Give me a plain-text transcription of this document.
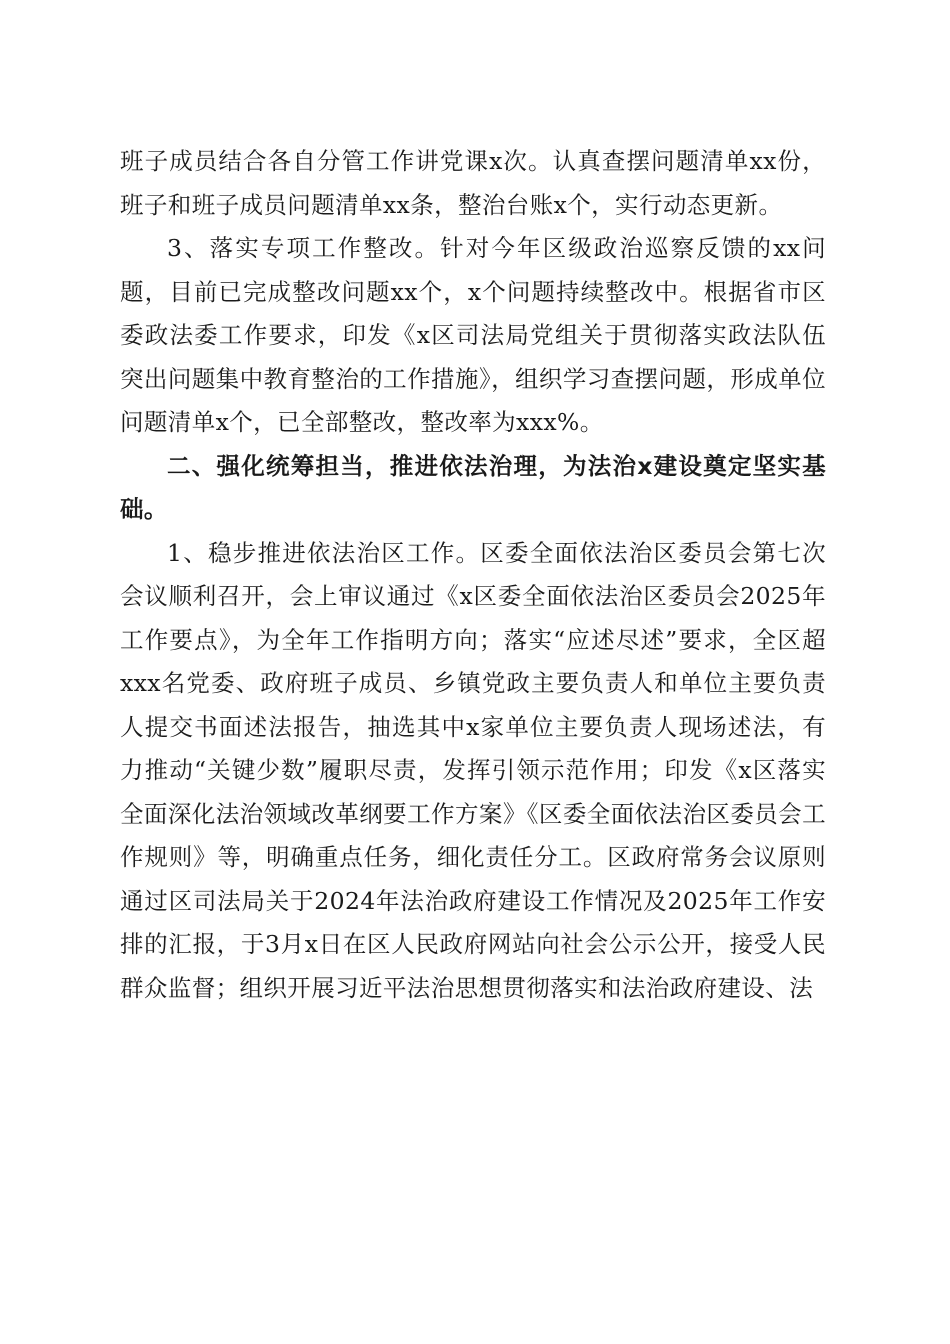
班子成员结合各自分管工作讲党课x次。认真查摆问题清单xx份，班子和班子成员问题清单xx条，整治台账x个，实行动态更新。

3、落实专项工作整改。针对今年区级政治巡察反馈的xx问题，目前已完成整改问题xx个，x个问题持续整改中。根据省市区委政法委工作要求，印发《x区司法局党组关于贯彻落实政法队伍突出问题集中教育整治的工作措施》，组织学习查摆问题，形成单位问题清单x个，已全部整改，整改率为xxx%。

二、强化统筹担当，推进依法治理，为法治x建设奠定坚实基础。

1、稳步推进依法治区工作。区委全面依法治区委员会第七次会议顺利召开，会上审议通过《x区委全面依法治区委员会2025年工作要点》，为全年工作指明方向；落实“应述尽述”要求，全区超xxx名党委、政府班子成员、乡镇党政主要负责人和单位主要负责人提交书面述法报告，抽选其中x家单位主要负责人现场述法，有力推动“关键少数”履职尽责，发挥引领示范作用；印发《x区落实全面深化法治领域改革纲要工作方案》《区委全面依法治区委员会工作规则》等，明确重点任务，细化责任分工。区政府常务会议原则通过区司法局关于2024年法治政府建设工作情况及2025年工作安排的汇报，于3月x日在区人民政府网站向社会公示公开，接受人民群众监督；组织开展习近平法治思想贯彻落实和法治政府建设、法
